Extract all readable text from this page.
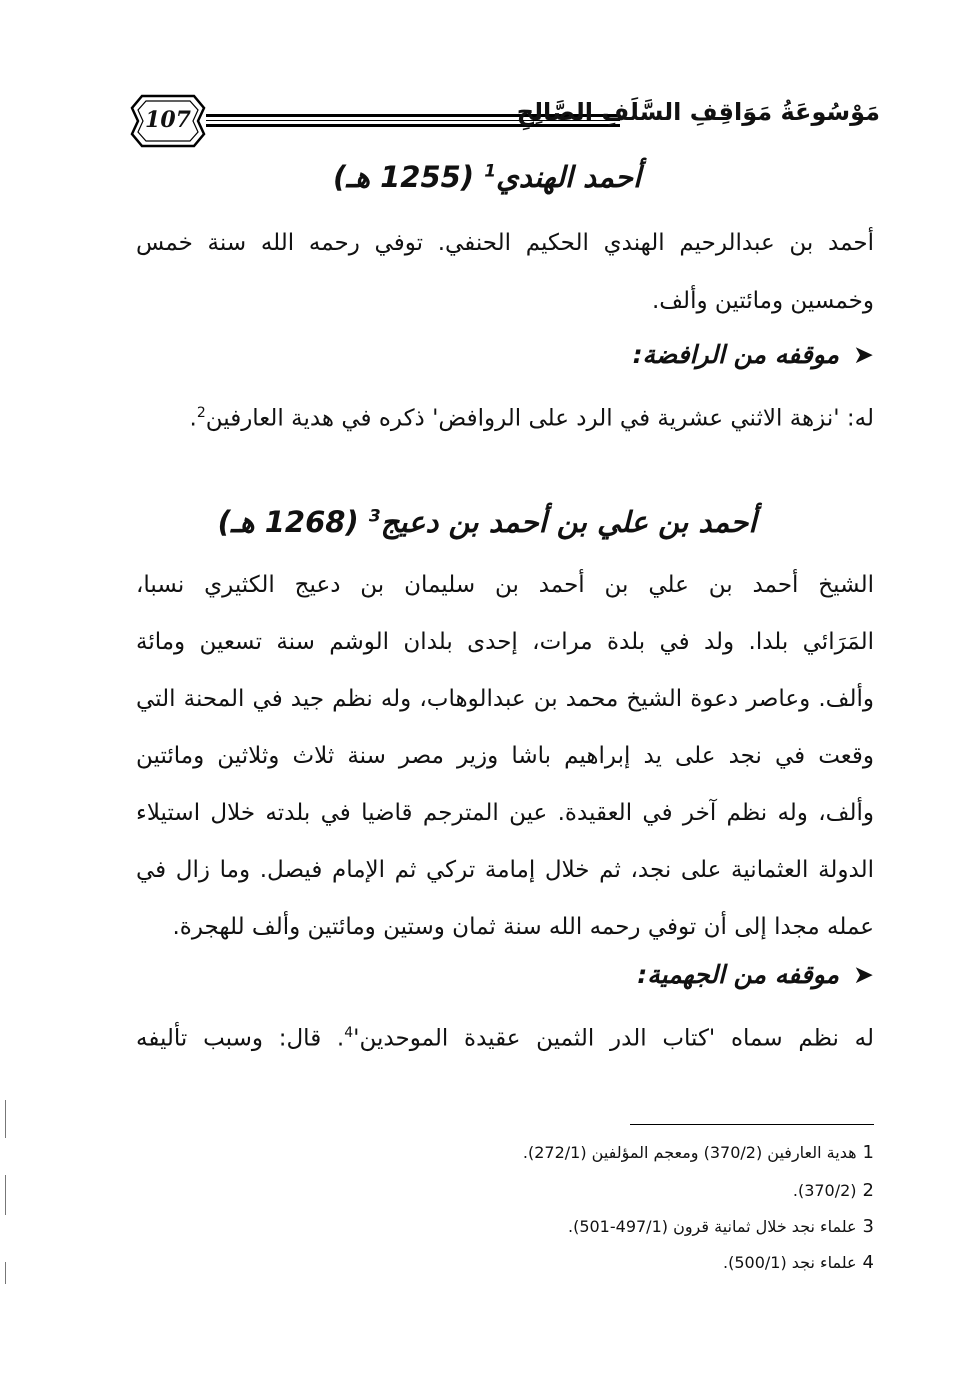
107	مَوْسُوعَةُ مَوَاقِفِ السَّلَفِ الصَّالِحِ
أحمد الهندي$^1$ (1255 هـ)
أحمد بن عبدالرحيم الهندي الحكيم الحنفي. توفي رحمه الله سنة خمس
وخمسين ومائتين وألف.
➤موقفه من الرافضة:
له: 'نزهة الاثني عشرية في الرد على الروافض' ذكره في هدية العارفين$^2$.
أحمد بن علي بن أحمد بن دعيج$^3$ (1268 هـ)
الشيخ أحمد بن علي بن أحمد بن سليمان بن دعيج الكثيري نسبا،
المَرَائي بلدا. ولد في بلدة مرات، إحدى بلدان الوشم سنة تسعين ومائة
وألف. وعاصر دعوة الشيخ محمد بن عبدالوهاب، وله نظم جيد في المحنة التي
وقعت في نجد على يد إبراهيم باشا وزير مصر سنة ثلاث وثلاثين ومائتين
وألف، وله نظم آخر في العقيدة. عين المترجم قاضيا في بلدته خلال استيلاء
الدولة العثمانية على نجد، ثم خلال إمامة تركي ثم الإمام فيصل. وما زال في
عمله مجدا إلى أن توفي رحمه الله سنة ثمان وستين ومائتين وألف للهجرة.
➤موقفه من الجهمية:
له نظم سماه 'كتاب الدر الثمين عقيدة $الموحدين'^4$. قال: وسبب تأليفه
1هدية العارفين (370/2) ومعجم المؤلفين (272/1).
2(370/2).
3علماء نجد خلال ثمانية قرون (497/1-501).
4علماء نجد (500/1).
